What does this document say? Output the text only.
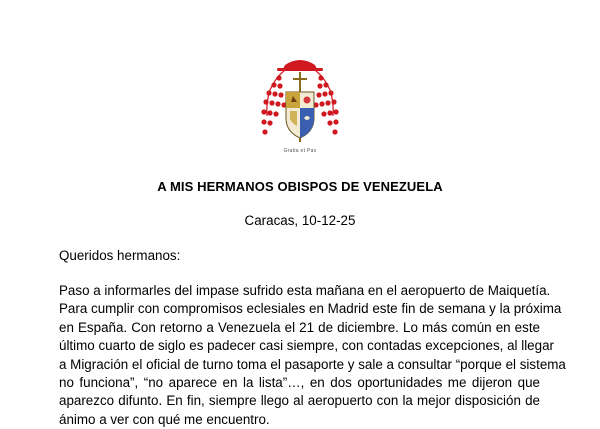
Gratia et Pax
A MIS HERMANOS OBISPOS DE VENEZUELA
Caracas, 10-12-25
Queridos hermanos:

Paso a informarles del impase sufrido esta mañana en el aeropuerto de Maiquetía.
Para cumplir con compromisos eclesiales en Madrid este fin de semana y la próxima
en España. Con retorno a Venezuela el 21 de diciembre. Lo más común en este
último cuarto de siglo es padecer casi siempre, con contadas excepciones, al llegar
a Migración el oficial de turno toma el pasaporte y sale a consultar “porque el sistema
no funciona”, “no aparece en la lista”…, en dos oportunidades me dijeron que
aparezco difunto. En fin, siempre llego al aeropuerto con la mejor disposición de
ánimo a ver con qué me encuentro.
